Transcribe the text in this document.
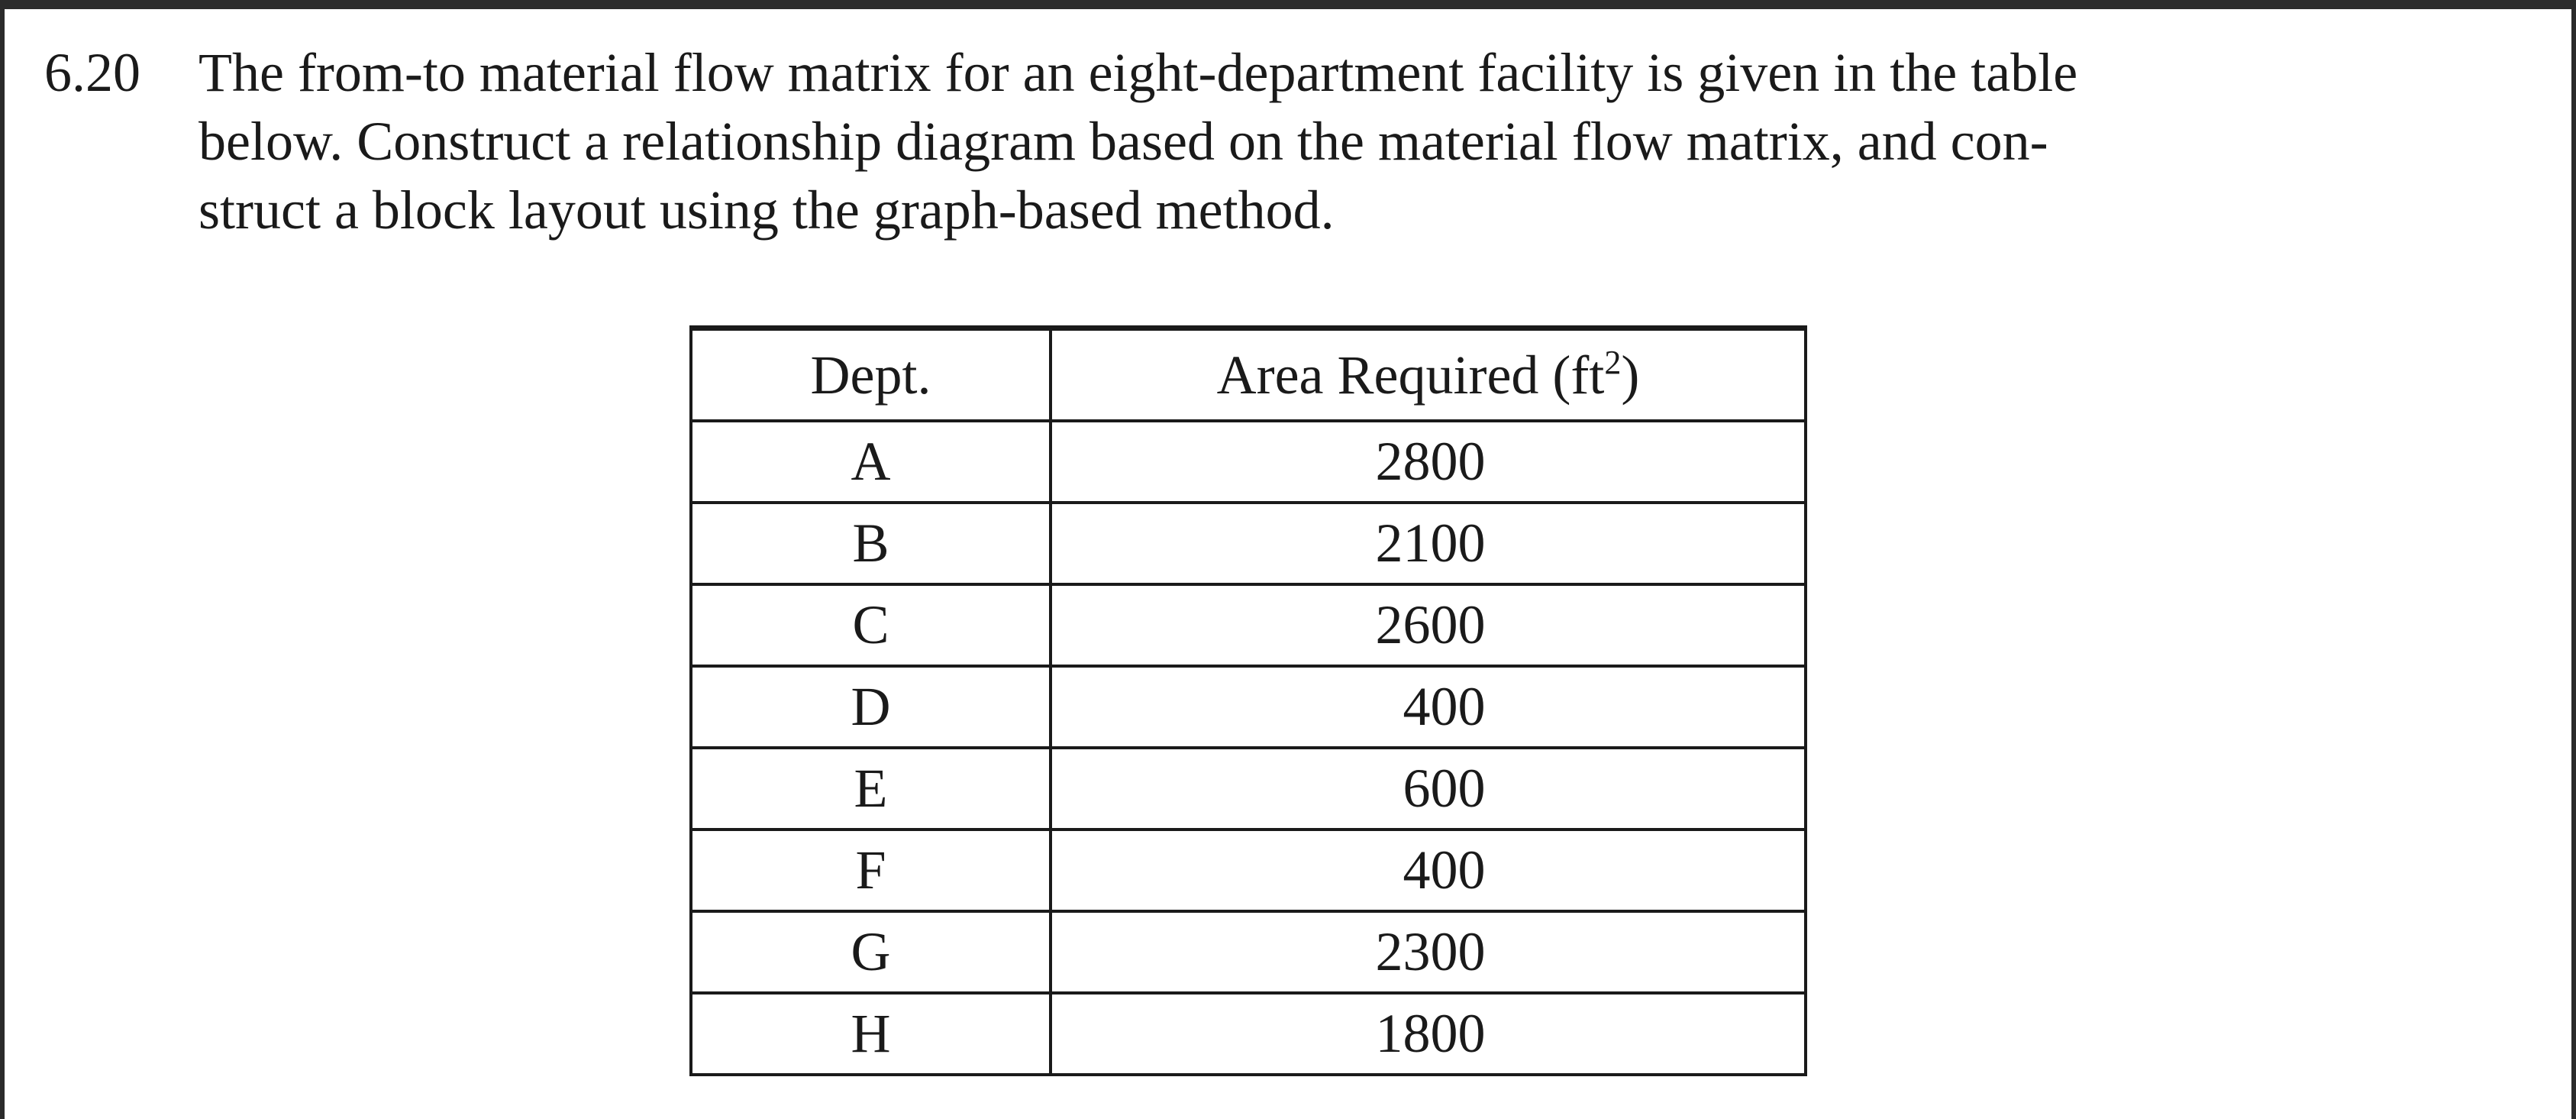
6.20	The from-to material flow matrix for an eight-department facility is given in the table
below. Construct a relationship diagram based on the material flow matrix, and con-
struct a block layout using the graph-based method.
Dept.	Area Required $(ft^2)$
A	2800
B	2100
C	2600
D	400
E	600
F	400
G	2300
H	1800
